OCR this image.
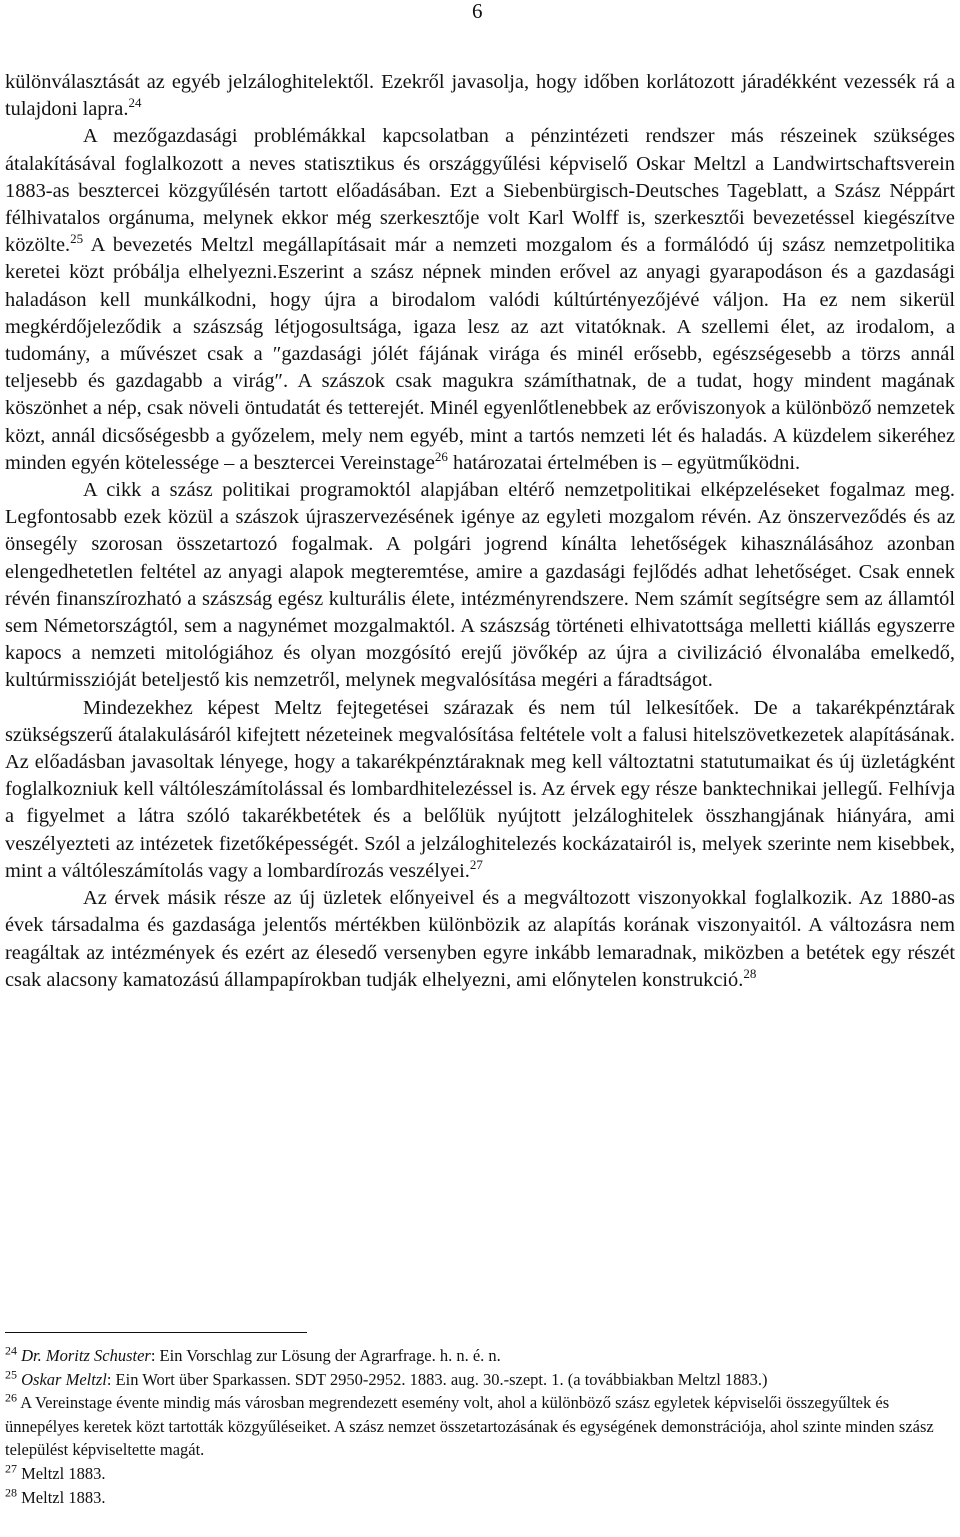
6

különválasztását az egyéb jelzáloghitelektől. Ezekről javasolja, hogy időben korlátozott járadékként vezessék rá a tulajdoni lapra.$^{24}$

A mezőgazdasági problémákkal kapcsolatban a pénzintézeti rendszer más részeinek szükséges átalakításával foglalkozott a neves statisztikus és országgyűlési képviselő Oskar Meltzl a Landwirtschaftsverein 1883-as besztercei közgyűlésén tartott előadásában. Ezt a Siebenbürgisch-Deutsches Tageblatt, a Szász Néppárt félhivatalos orgánuma, melynek ekkor még szerkesztője volt Karl Wolff is, szerkesztői bevezetéssel kiegészítve közölte.$^{25}$ A bevezetés Meltzl megállapításait már a nemzeti mozgalom és a formálódó új szász nemzetpolitika keretei közt próbálja elhelyezni.Eszerint a szász népnek minden erővel az anyagi gyarapodáson és a gazdasági haladáson kell munkálkodni, hogy újra a birodalom valódi kúltúrtényezőjévé váljon. Ha ez nem sikerül megkérdőjeleződik a szászság létjogosultsága, igaza lesz az azt vitatóknak. A szellemi élet, az irodalom, a tudomány, a művészet csak a ″gazdasági jólét fájának virága és minél erősebb, egészségesebb a törzs annál teljesebb és gazdagabb a virág″. A szászok csak magukra számíthatnak, de a tudat, hogy mindent magának köszönhet a nép, csak növeli öntudatát és tetterejét. Minél egyenlőtlenebbek az erőviszonyok a különböző nemzetek közt, annál dicsőségesbb a győzelem, mely nem egyéb, mint a tartós nemzeti lét és haladás. A küzdelem sikeréhez minden egyén kötelessége – a besztercei Vereinstage$^{26}$ határozatai értelmében is – együtműködni.

A cikk a szász politikai programoktól alapjában eltérő nemzetpolitikai elképzeléseket fogalmaz meg. Legfontosabb ezek közül a szászok újraszervezésének igénye az egyleti mozgalom révén. Az önszerveződés és az önsegély szorosan összetartozó fogalmak. A polgári jogrend kínálta lehetőségek kihasználásához azonban elengedhetetlen feltétel az anyagi alapok megteremtése, amire a gazdasági fejlődés adhat lehetőséget. Csak ennek révén finanszírozható a szászság egész kulturális élete, intézményrendszere. Nem számít segítségre sem az államtól sem Németországtól, sem a nagynémet mozgalmaktól. A szászság történeti elhivatottsága melletti kiállás egyszerre kapocs a nemzeti mitológiához és olyan mozgósító erejű jövőkép az újra a civilizáció élvonalába emelkedő, kultúrmisszióját beteljestő kis nemzetről, melynek megvalósítása megéri a fáradtságot.

Mindezekhez képest Meltz fejtegetései szárazak és nem túl lelkesítőek. De a takarékpénztárak szükségszerű átalakulásáról kifejtett nézeteinek megvalósítása feltétele volt a falusi hitelszövetkezetek alapításának. Az előadásban javasoltak lényege, hogy a takarékpénztáraknak meg kell változtatni statutumaikat és új üzletágként foglalkozniuk kell váltóleszámítolással és lombardhitelezéssel is. Az érvek egy része banktechnikai jellegű. Felhívja a figyelmet a látra szóló takarékbetétek és a belőlük nyújtott jelzáloghitelek összhangjának hiányára, ami veszélyezteti az intézetek fizetőképességét. Szól a jelzáloghitelezés kockázatairól is, melyek szerinte nem kisebbek, mint a váltóleszámítolás vagy a lombardírozás veszélyei.$^{27}$

Az érvek másik része az új üzletek előnyeivel és a megváltozott viszonyokkal foglalkozik. Az 1880-as évek társadalma és gazdasága jelentős mértékben különbözik az alapítás korának viszonyaitól. A változásra nem reagáltak az intézmények és ezért az élesedő versenyben egyre inkább lemaradnak, miközben a betétek egy részét csak alacsony kamatozású állampapírokban tudják elhelyezni, ami előnytelen konstrukció.$^{28}$

$^{24}$ Dr. Moritz Schuster: Ein Vorschlag zur Lösung der Agrarfrage. h. n. é. n.

$^{25}$ Oskar Meltzl: Ein Wort über Sparkassen. SDT 2950-2952. 1883. aug. 30.-szept. 1. (a továbbiakban Meltzl 1883.)

$^{26}$ A Vereinstage évente mindig más városban megrendezett esemény volt, ahol a különböző szász egyletek képviselői összegyűltek és ünnepélyes keretek közt tartották közgyűléseiket. A szász nemzet összetartozásának és egységének demonstrációja, ahol szinte minden szász települést képviseltette magát.

$^{27}$ Meltzl 1883.

$^{28}$ Meltzl 1883.
